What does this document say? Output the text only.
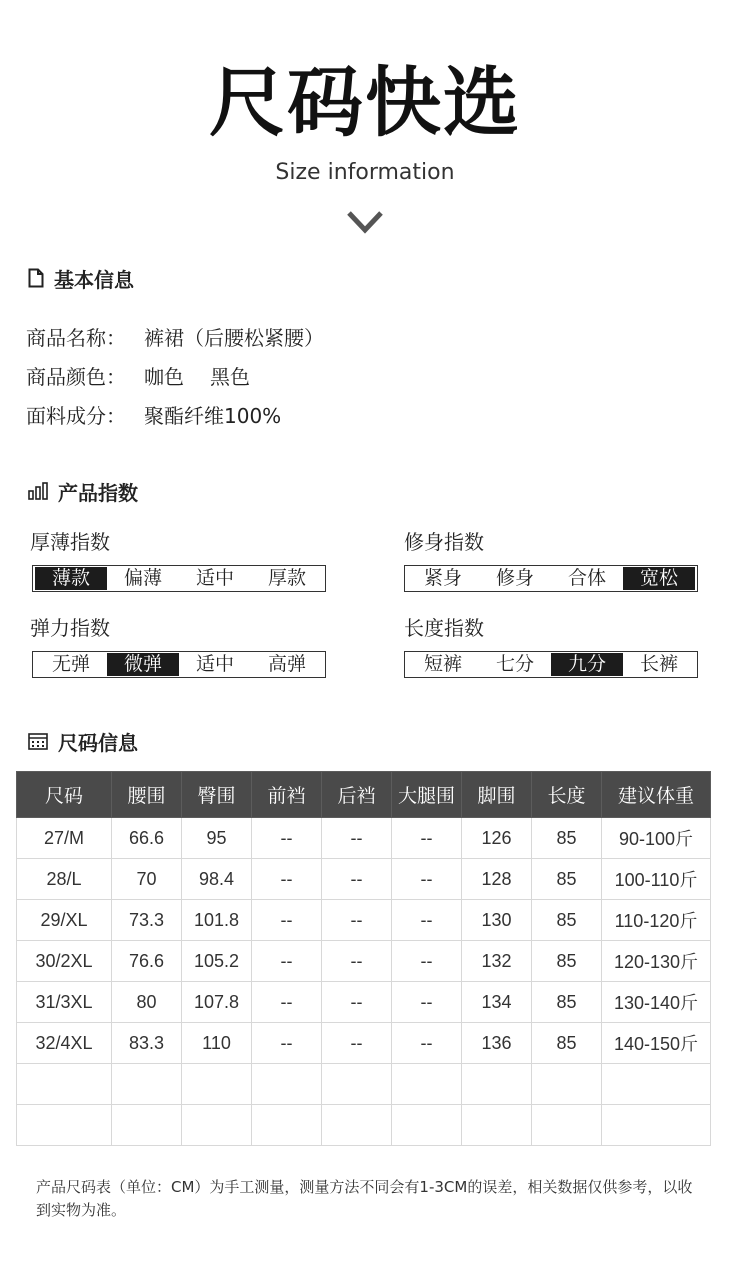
尺码快选
Size information
基本信息
商品名称： 裤裙（后腰松紧腰）
商品颜色： 咖色 黑色
面料成分： 聚酯纤维100%
产品指数
厚薄指数
薄款	偏薄	适中	厚款
修身指数
紧身	修身	合体	宽松
弹力指数
无弹	微弹	适中	高弹
长度指数
短裤	七分	九分	长裤
尺码信息
尺码	腰围	臀围	前裆	后裆	大腿围	脚围	长度	建议体重
27/M	66.6	95	--	--	--	126	85	90-100斤
28/L	70	98.4	--	--	--	128	85	100-110斤
29/XL	73.3	101.8	--	--	--	130	85	110-120斤
30/2XL	76.6	105.2	--	--	--	132	85	120-130斤
31/3XL	80	107.8	--	--	--	134	85	130-140斤
32/4XL	83.3	110	--	--	--	136	85	140-150斤

产品尺码表（单位：CM）为手工测量，测量方法不同会有1-3CM的误差，相关数据仅供参考，以收到实物为准。
